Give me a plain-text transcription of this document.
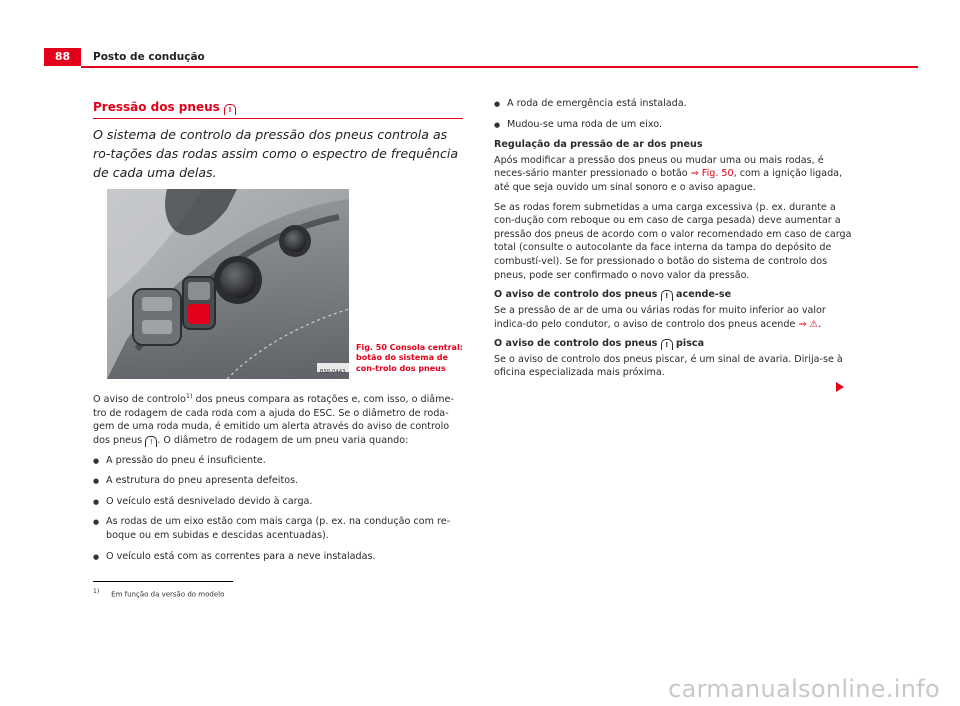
88	Posto de condução
Pressão dos pneus !
O sistema de controlo da pressão dos pneus controla as ro-tações das rodas assim como o espectro de frequência de cada uma delas.
B5P-0443
Fig. 50 Consola central: botão do sistema de con-trolo dos pneus

O aviso de controlo$^{1)}$ dos pneus compara as rotações e, com isso, o diâme-tro de rodagem de cada roda com a ajuda do ESC. Se o diâmetro de roda-gem de uma roda muda, é emitido um alerta através do aviso de controlo dos pneus ! . O diâmetro de rodagem de um pneu varia quando:

● A pressão do pneu é insuficiente.
● A estrutura do pneu apresenta defeitos.
● O veículo está desnivelado devido à carga.
● As rodas de um eixo estão com mais carga (p. ex. na condução com re-boque ou em subidas e descidas acentuadas).
● O veículo está com as correntes para a neve instaladas.
● A roda de emergência está instalada.
● Mudou-se uma roda de um eixo.
Regulação da pressão de ar dos pneus

Após modificar a pressão dos pneus ou mudar uma ou mais rodas, é neces-sário manter pressionado o botão ⇒ Fig. 50, com a ignição ligada, até que seja ouvido um sinal sonoro e o aviso apague.

Se as rodas forem submetidas a uma carga excessiva (p. ex. durante a con-dução com reboque ou em caso de carga pesada) deve aumentar a pressão dos pneus de acordo com o valor recomendado em caso de carga total (consulte o autocolante da face interna da tampa do depósito de combustí-vel). Se for pressionado o botão do sistema de controlo dos pneus, pode ser confirmado o novo valor da pressão.

O aviso de controlo dos pneus ! acende-se

Se a pressão de ar de uma ou várias rodas for muito inferior ao valor indica-do pelo condutor, o aviso de controlo dos pneus acende ⇒ ⚠.

O aviso de controlo dos pneus ! pisca

Se o aviso de controlo dos pneus piscar, é um sinal de avaria. Dirija-se à oficina especializada mais próxima.

$^{1)}$ Em função da versão do modelo
carmanualsonline.info
